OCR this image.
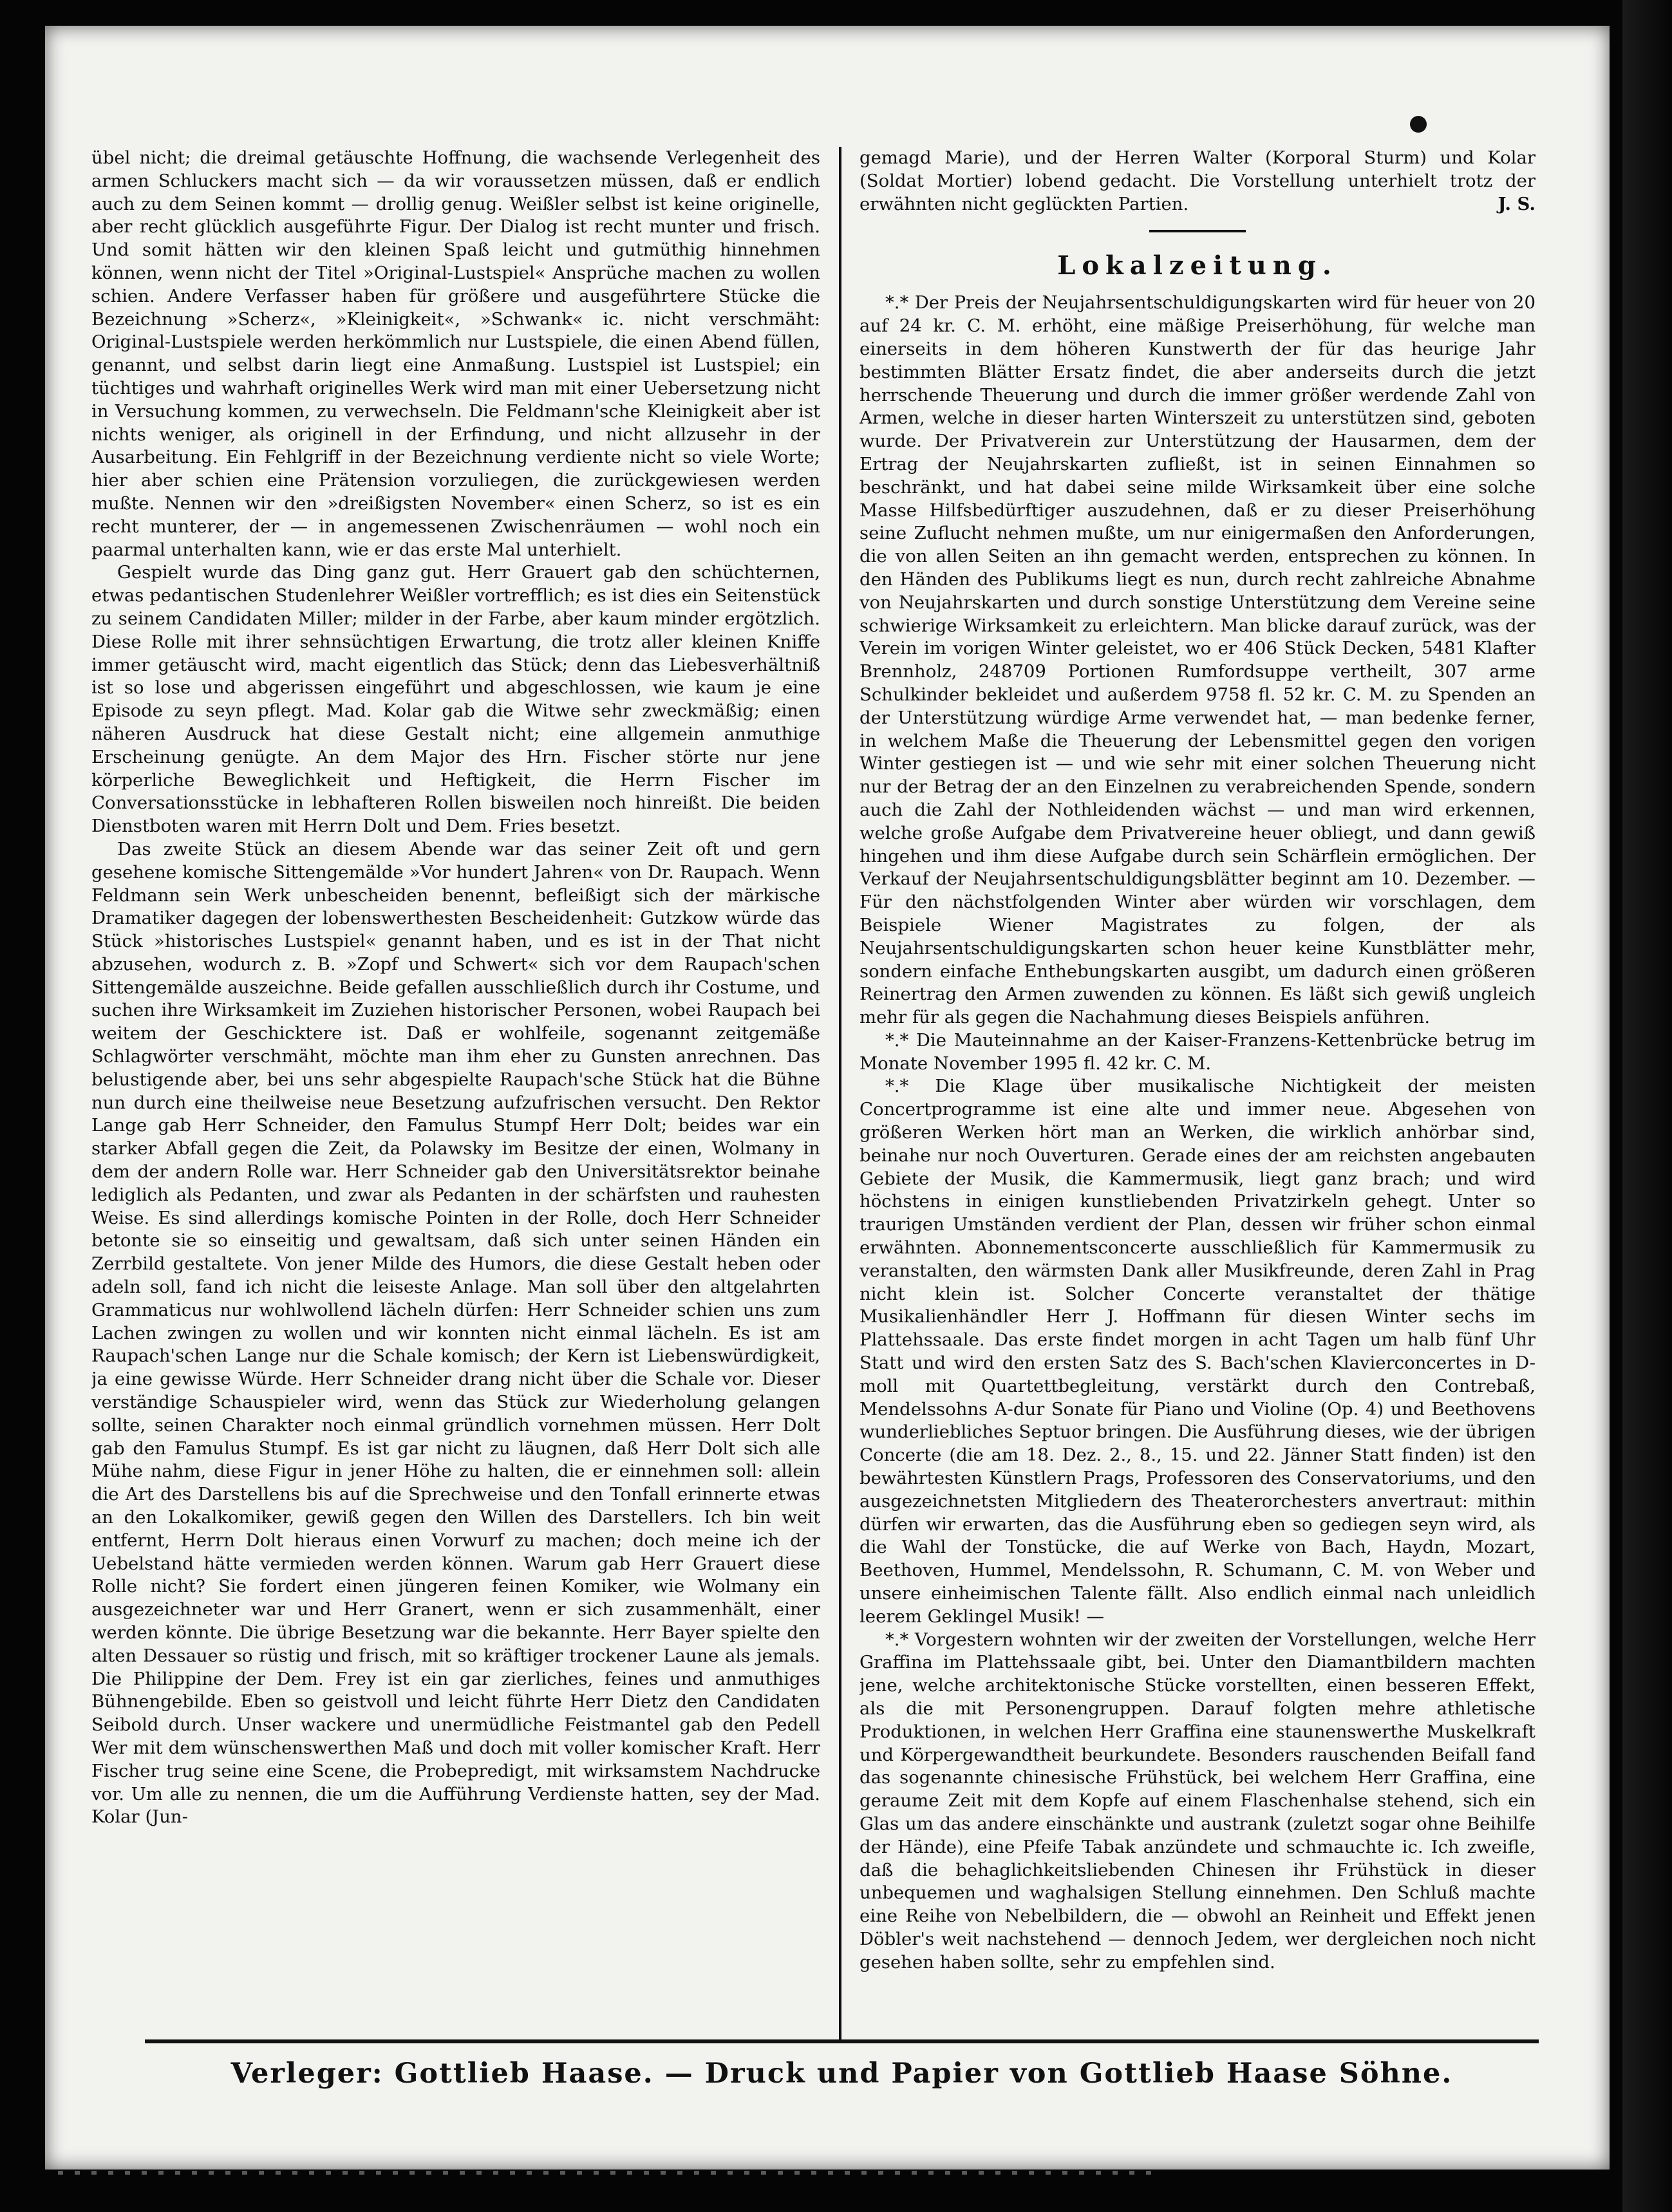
übel nicht; die dreimal getäuschte Hoffnung, die wachsende Verlegenheit des armen Schluckers macht sich — da wir voraussetzen müssen, daß er endlich auch zu dem Seinen kommt — drollig genug. Weißler selbst ist keine originelle, aber recht glücklich ausgeführte Figur. Der Dialog ist recht munter und frisch. Und somit hätten wir den kleinen Spaß leicht und gutmüthig hinnehmen können, wenn nicht der Titel »Original-Lustspiel« Ansprüche machen zu wollen schien. Andere Verfasser haben für größere und ausgeführtere Stücke die Bezeichnung »Scherz«, »Kleinigkeit«, »Schwank« ic. nicht verschmäht: Original-Lustspiele werden herkömmlich nur Lustspiele, die einen Abend füllen, genannt, und selbst darin liegt eine Anmaßung. Lustspiel ist Lustspiel; ein tüchtiges und wahrhaft originelles Werk wird man mit einer Uebersetzung nicht in Versuchung kommen, zu verwechseln. Die Feldmann'sche Kleinigkeit aber ist nichts weniger, als originell in der Erfindung, und nicht allzusehr in der Ausarbeitung. Ein Fehlgriff in der Bezeichnung verdiente nicht so viele Worte; hier aber schien eine Prätension vorzuliegen, die zurückgewiesen werden mußte. Nennen wir den »dreißigsten November« einen Scherz, so ist es ein recht munterer, der — in angemessenen Zwischenräumen — wohl noch ein paarmal unterhalten kann, wie er das erste Mal unterhielt.

Gespielt wurde das Ding ganz gut. Herr Grauert gab den schüchternen, etwas pedantischen Studenlehrer Weißler vortrefflich; es ist dies ein Seitenstück zu seinem Candidaten Miller; milder in der Farbe, aber kaum minder ergötzlich. Diese Rolle mit ihrer sehnsüchtigen Erwartung, die trotz aller kleinen Kniffe immer getäuscht wird, macht eigentlich das Stück; denn das Liebesverhältniß ist so lose und abgerissen eingeführt und abgeschlossen, wie kaum je eine Episode zu seyn pflegt. Mad. Kolar gab die Witwe sehr zweckmäßig; einen näheren Ausdruck hat diese Gestalt nicht; eine allgemein anmuthige Erscheinung genügte. An dem Major des Hrn. Fischer störte nur jene körperliche Beweglichkeit und Heftigkeit, die Herrn Fischer im Conversationsstücke in lebhafteren Rollen bisweilen noch hinreißt. Die beiden Dienstboten waren mit Herrn Dolt und Dem. Fries besetzt.

Das zweite Stück an diesem Abende war das seiner Zeit oft und gern gesehene komische Sittengemälde »Vor hundert Jahren« von Dr. Raupach. Wenn Feldmann sein Werk unbescheiden benennt, befleißigt sich der märkische Dramatiker dagegen der lobenswerthesten Bescheidenheit: Gutzkow würde das Stück »historisches Lustspiel« genannt haben, und es ist in der That nicht abzusehen, wodurch z. B. »Zopf und Schwert« sich vor dem Raupach'schen Sittengemälde auszeichne. Beide gefallen ausschließlich durch ihr Costume, und suchen ihre Wirksamkeit im Zuziehen historischer Personen, wobei Raupach bei weitem der Geschicktere ist. Daß er wohlfeile, sogenannt zeitgemäße Schlagwörter verschmäht, möchte man ihm eher zu Gunsten anrechnen. Das belustigende aber, bei uns sehr abgespielte Raupach'sche Stück hat die Bühne nun durch eine theilweise neue Besetzung aufzufrischen versucht. Den Rektor Lange gab Herr Schneider, den Famulus Stumpf Herr Dolt; beides war ein starker Abfall gegen die Zeit, da Polawsky im Besitze der einen, Wolmany in dem der andern Rolle war. Herr Schneider gab den Universitätsrektor beinahe lediglich als Pedanten, und zwar als Pedanten in der schärfsten und rauhesten Weise. Es sind allerdings komische Pointen in der Rolle, doch Herr Schneider betonte sie so einseitig und gewaltsam, daß sich unter seinen Händen ein Zerrbild gestaltete. Von jener Milde des Humors, die diese Gestalt heben oder adeln soll, fand ich nicht die leiseste Anlage. Man soll über den altgelahrten Grammaticus nur wohlwollend lächeln dürfen: Herr Schneider schien uns zum Lachen zwingen zu wollen und wir konnten nicht einmal lächeln. Es ist am Raupach'schen Lange nur die Schale komisch; der Kern ist Liebenswürdigkeit, ja eine gewisse Würde. Herr Schneider drang nicht über die Schale vor. Dieser verständige Schauspieler wird, wenn das Stück zur Wiederholung gelangen sollte, seinen Charakter noch einmal gründlich vornehmen müssen. Herr Dolt gab den Famulus Stumpf. Es ist gar nicht zu läugnen, daß Herr Dolt sich alle Mühe nahm, diese Figur in jener Höhe zu halten, die er einnehmen soll: allein die Art des Darstellens bis auf die Sprechweise und den Tonfall erinnerte etwas an den Lokalkomiker, gewiß gegen den Willen des Darstellers. Ich bin weit entfernt, Herrn Dolt hieraus einen Vorwurf zu machen; doch meine ich der Uebelstand hätte vermieden werden können. Warum gab Herr Grauert diese Rolle nicht? Sie fordert einen jüngeren feinen Komiker, wie Wolmany ein ausgezeichneter war und Herr Granert, wenn er sich zusammenhält, einer werden könnte. Die übrige Besetzung war die bekannte. Herr Bayer spielte den alten Dessauer so rüstig und frisch, mit so kräftiger trockener Laune als jemals. Die Philippine der Dem. Frey ist ein gar zierliches, feines und anmuthiges Bühnengebilde. Eben so geistvoll und leicht führte Herr Dietz den Candidaten Seibold durch. Unser wackere und unermüdliche Feistmantel gab den Pedell Wer mit dem wünschenswerthen Maß und doch mit voller komischer Kraft. Herr Fischer trug seine eine Scene, die Probepredigt, mit wirksamstem Nachdrucke vor. Um alle zu nennen, die um die Aufführung Verdienste hatten, sey der Mad. Kolar (Jun-

gemagd Marie), und der Herren Walter (Korporal Sturm) und Kolar (Soldat Mortier) lobend gedacht. Die Vorstellung unterhielt trotz der erwähnten nicht geglückten Partien.	J. S.

Lokalzeitung.

*.* Der Preis der Neujahrsentschuldigungskarten wird für heuer von 20 auf 24 kr. C. M. erhöht, eine mäßige Preiserhöhung, für welche man einerseits in dem höheren Kunstwerth der für das heurige Jahr bestimmten Blätter Ersatz findet, die aber anderseits durch die jetzt herrschende Theuerung und durch die immer größer werdende Zahl von Armen, welche in dieser harten Winterszeit zu unterstützen sind, geboten wurde. Der Privatverein zur Unterstützung der Hausarmen, dem der Ertrag der Neujahrskarten zufließt, ist in seinen Einnahmen so beschränkt, und hat dabei seine milde Wirksamkeit über eine solche Masse Hilfsbedürftiger auszudehnen, daß er zu dieser Preiserhöhung seine Zuflucht nehmen mußte, um nur einigermaßen den Anforderungen, die von allen Seiten an ihn gemacht werden, entsprechen zu können. In den Händen des Publikums liegt es nun, durch recht zahlreiche Abnahme von Neujahrskarten und durch sonstige Unterstützung dem Vereine seine schwierige Wirksamkeit zu erleichtern. Man blicke darauf zurück, was der Verein im vorigen Winter geleistet, wo er 406 Stück Decken, 5481 Klafter Brennholz, 248709 Portionen Rumfordsuppe vertheilt, 307 arme Schulkinder bekleidet und außerdem 9758 fl. 52 kr. C. M. zu Spenden an der Unterstützung würdige Arme verwendet hat, — man bedenke ferner, in welchem Maße die Theuerung der Lebensmittel gegen den vorigen Winter gestiegen ist — und wie sehr mit einer solchen Theuerung nicht nur der Betrag der an den Einzelnen zu verabreichenden Spende, sondern auch die Zahl der Nothleidenden wächst — und man wird erkennen, welche große Aufgabe dem Privatvereine heuer obliegt, und dann gewiß hingehen und ihm diese Aufgabe durch sein Schärflein ermöglichen. Der Verkauf der Neujahrsentschuldigungsblätter beginnt am 10. Dezember. — Für den nächstfolgenden Winter aber würden wir vorschlagen, dem Beispiele Wiener Magistrates zu folgen, der als Neujahrsentschuldigungskarten schon heuer keine Kunstblätter mehr, sondern einfache Enthebungskarten ausgibt, um dadurch einen größeren Reinertrag den Armen zuwenden zu können. Es läßt sich gewiß ungleich mehr für als gegen die Nachahmung dieses Beispiels anführen.

*.* Die Mauteinnahme an der Kaiser-Franzens-Kettenbrücke betrug im Monate November 1995 fl. 42 kr. C. M.

*.* Die Klage über musikalische Nichtigkeit der meisten Concertprogramme ist eine alte und immer neue. Abgesehen von größeren Werken hört man an Werken, die wirklich anhörbar sind, beinahe nur noch Ouverturen. Gerade eines der am reichsten angebauten Gebiete der Musik, die Kammermusik, liegt ganz brach; und wird höchstens in einigen kunstliebenden Privatzirkeln gehegt. Unter so traurigen Umständen verdient der Plan, dessen wir früher schon einmal erwähnten. Abonnementsconcerte ausschließlich für Kammermusik zu veranstalten, den wärmsten Dank aller Musikfreunde, deren Zahl in Prag nicht klein ist. Solcher Concerte veranstaltet der thätige Musikalienhändler Herr J. Hoffmann für diesen Winter sechs im Plattehssaale. Das erste findet morgen in acht Tagen um halb fünf Uhr Statt und wird den ersten Satz des S. Bach'schen Klavierconcertes in D-moll mit Quartettbegleitung, verstärkt durch den Contrebaß, Mendelssohns A-dur Sonate für Piano und Violine (Op. 4) und Beethovens wunderliebliches Septuor bringen. Die Ausführung dieses, wie der übrigen Concerte (die am 18. Dez. 2., 8., 15. und 22. Jänner Statt finden) ist den bewährtesten Künstlern Prags, Professoren des Conservatoriums, und den ausgezeichnetsten Mitgliedern des Theaterorchesters anvertraut: mithin dürfen wir erwarten, das die Ausführung eben so gediegen seyn wird, als die Wahl der Tonstücke, die auf Werke von Bach, Haydn, Mozart, Beethoven, Hummel, Mendelssohn, R. Schumann, C. M. von Weber und unsere einheimischen Talente fällt. Also endlich einmal nach unleidlich leerem Geklingel Musik! —

*.* Vorgestern wohnten wir der zweiten der Vorstellungen, welche Herr Graffina im Plattehssaale gibt, bei. Unter den Diamantbildern machten jene, welche architektonische Stücke vorstellten, einen besseren Effekt, als die mit Personengruppen. Darauf folgten mehre athletische Produktionen, in welchen Herr Graffina eine staunenswerthe Muskelkraft und Körpergewandtheit beurkundete. Besonders rauschenden Beifall fand das sogenannte chinesische Frühstück, bei welchem Herr Graffina, eine geraume Zeit mit dem Kopfe auf einem Flaschenhalse stehend, sich ein Glas um das andere einschänkte und austrank (zuletzt sogar ohne Beihilfe der Hände), eine Pfeife Tabak anzündete und schmauchte ic. Ich zweifle, daß die behaglichkeitsliebenden Chinesen ihr Frühstück in dieser unbequemen und waghalsigen Stellung einnehmen. Den Schluß machte eine Reihe von Nebelbildern, die — obwohl an Reinheit und Effekt jenen Döbler's weit nachstehend — dennoch Jedem, wer dergleichen noch nicht gesehen haben sollte, sehr zu empfehlen sind.

Verleger: Gottlieb Haase. — Druck und Papier von Gottlieb Haase Söhne.
